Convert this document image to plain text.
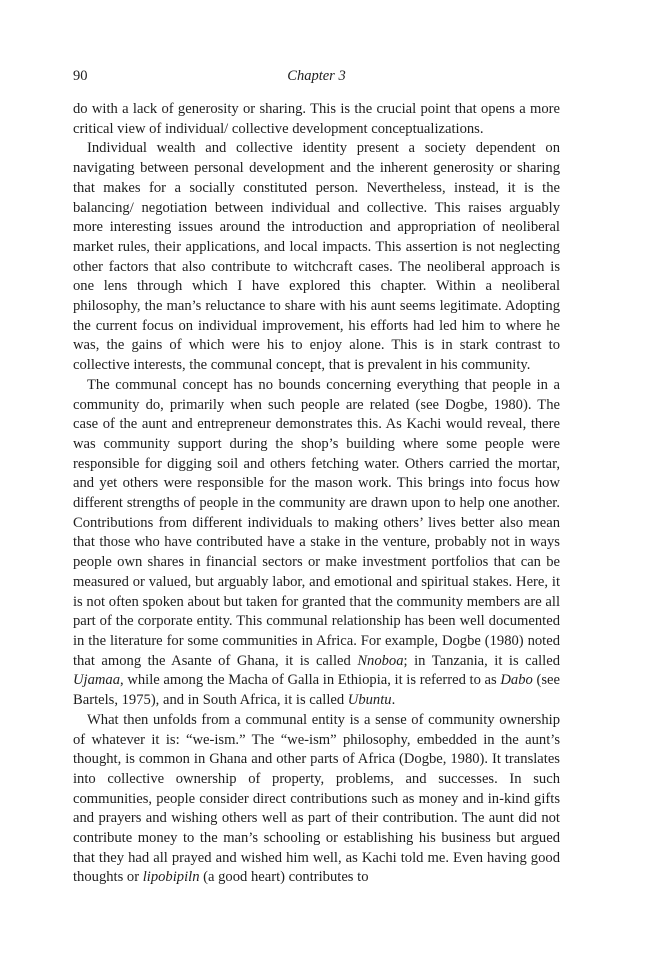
90	Chapter 3

do with a lack of generosity or sharing. This is the crucial point that opens a more critical view of individual/ collective development conceptualizations.

Individual wealth and collective identity present a society dependent on navigating between personal development and the inherent generosity or sharing that makes for a socially constituted person. Nevertheless, instead, it is the balancing/ negotiation between individual and collective. This raises arguably more interesting issues around the introduction and appropriation of neoliberal market rules, their applications, and local impacts. This assertion is not neglecting other factors that also contribute to witchcraft cases. The neoliberal approach is one lens through which I have explored this chapter. Within a neoliberal philosophy, the man’s reluctance to share with his aunt seems legitimate. Adopting the current focus on individual improvement, his efforts had led him to where he was, the gains of which were his to enjoy alone. This is in stark contrast to collective interests, the communal concept, that is prevalent in his community.

The communal concept has no bounds concerning everything that people in a community do, primarily when such people are related (see Dogbe, 1980). The case of the aunt and entrepreneur demonstrates this. As Kachi would reveal, there was community support during the shop’s building where some people were responsible for digging soil and others fetching water. Others carried the mortar, and yet others were responsible for the mason work. This brings into focus how different strengths of people in the community are drawn upon to help one another. Contributions from different individuals to making others’ lives better also mean that those who have contributed have a stake in the venture, probably not in ways people own shares in financial sectors or make investment portfolios that can be measured or valued, but arguably labor, and emotional and spiritual stakes. Here, it is not often spoken about but taken for granted that the community members are all part of the corporate entity. This communal relationship has been well documented in the literature for some communities in Africa. For example, Dogbe (1980) noted that among the Asante of Ghana, it is called Nnoboa; in Tanzania, it is called Ujamaa, while among the Macha of Galla in Ethiopia, it is referred to as Dabo (see Bartels, 1975), and in South Africa, it is called Ubuntu.

What then unfolds from a communal entity is a sense of community ownership of whatever it is: “we-ism.” The “we-ism” philosophy, embedded in the aunt’s thought, is common in Ghana and other parts of Africa (Dogbe, 1980). It translates into collective ownership of property, problems, and successes. In such communities, people consider direct contributions such as money and in-kind gifts and prayers and wishing others well as part of their contribution. The aunt did not contribute money to the man’s schooling or establishing his business but argued that they had all prayed and wished him well, as Kachi told me. Even having good thoughts or lipobipiln (a good heart) contributes to
